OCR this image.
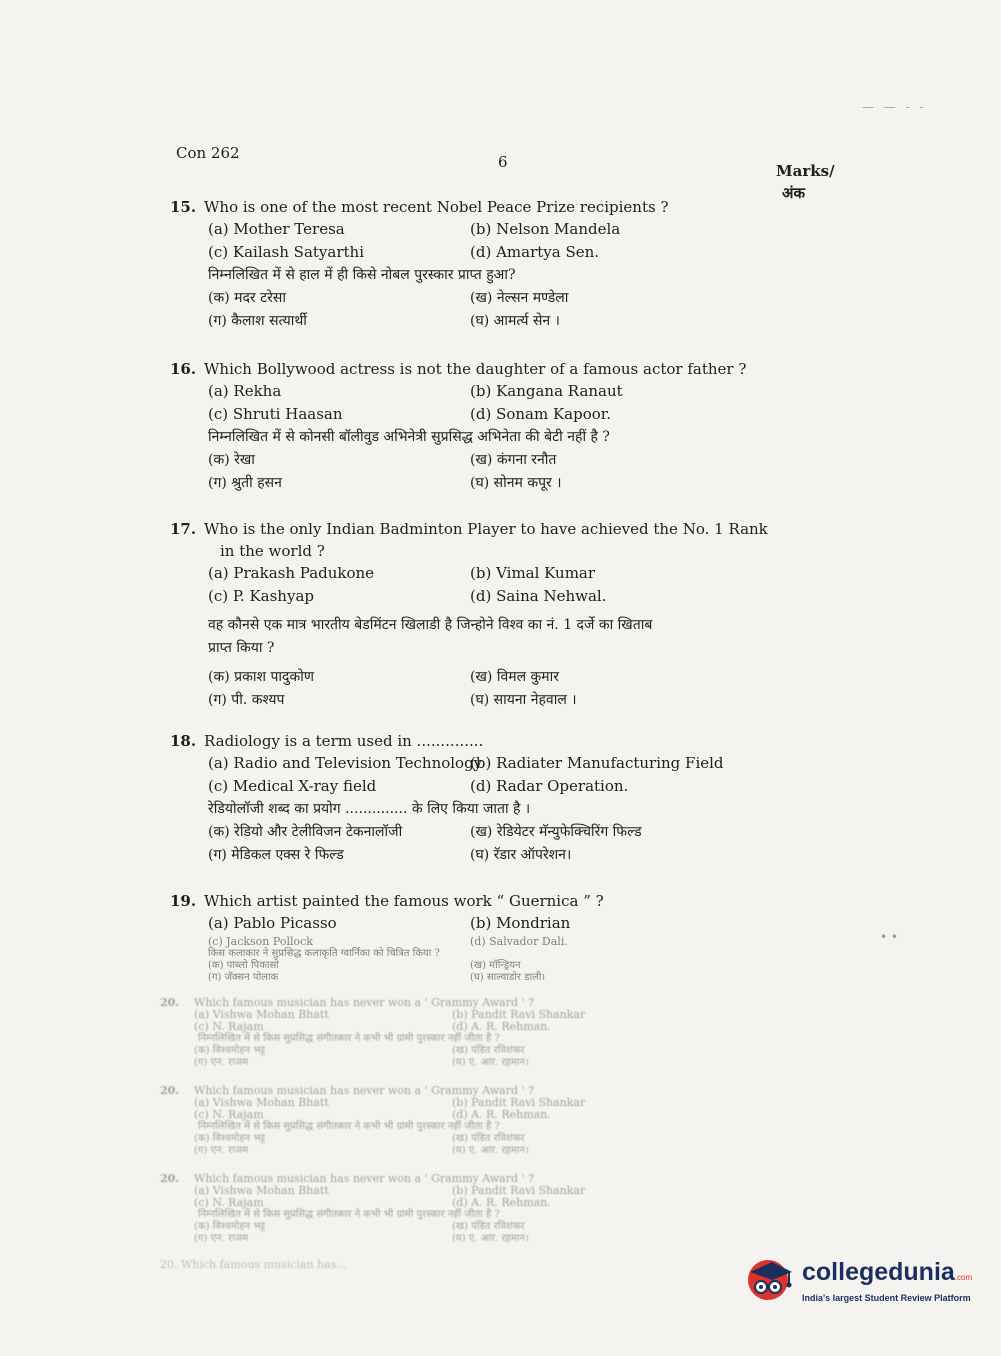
Con 262	6	Marks/
अंक
15. Who is one of the most recent Nobel Peace Prize recipients ?
(a) Mother Teresa	(b) Nelson Mandela
(c) Kailash Satyarthi	(d) Amartya Sen.
निम्नलिखित में से हाल में ही किसे नोबल पुरस्कार प्राप्त हुआ?
(क) मदर टरेसा	(ख) नेल्सन मण्डेला
(ग) कैलाश सत्यार्थी	(घ) आमर्त्य सेन ।
16. Which Bollywood actress is not the daughter of a famous actor father ?
(a) Rekha	(b) Kangana Ranaut
(c) Shruti Haasan	(d) Sonam Kapoor.
निम्नलिखित में से कोनसी बॉलीवुड अभिनेत्री सुप्रसिद्ध अभिनेता की बेटी नहीं है ?
(क) रेखा	(ख) कंगना रनौत
(ग) श्रुती हसन	(घ) सोनम कपूर ।
17. Who is the only Indian Badminton Player to have achieved the No. 1 Rank
in the world ?
(a) Prakash Padukone	(b) Vimal Kumar
(c) P. Kashyap	(d) Saina Nehwal.
वह कौनसे एक मात्र भारतीय बेडमिंटन खिलाडी है जिन्होने विश्व का नं. 1 दर्जे का खिताब
प्राप्त किया ?
(क) प्रकाश पादुकोण	(ख) विमल कुमार
(ग) पी. कश्यप	(घ) सायना नेहवाल ।
18. Radiology is a term used in ..............
(a) Radio and Television Technology
(b) Radiater Manufacturing Field
(c) Medical X-ray field	(d) Radar Operation.
रेडियोलॉजी शब्द का प्रयोग .............. के लिए किया जाता है ।
(क) रेडियो और टेलीविजन टेकनालॉजी	(ख) रेडियेटर मॅन्युफेक्चिरिंग फिल्ड
(ग) मेडिकल एक्स रे फिल्ड	(घ) रॅडार ऑपरेशन।
19. Which artist painted the famous work “ Guernica ” ?
(a) Pablo Picasso	(b) Mondrian
(c) Jackson Pollock	(d) Salvador Dali.
किस कलाकार ने सुप्रसिद्ध कलाकृति ग्वार्निका को चित्रित किया ?
(क) पाब्लो पिकासो	(ख) मॉन्ड्रियन
(ग) जॅक्सन पोलाक	(घ) साल्वाडोर डाली।
20.	Which famous musician has never won a ' Grammy Award ' ?
(a) Vishwa Mohan Bhatt	(b) Pandit Ravi Shankar
(c) N. Rajam	(d) A. R. Rehman.
निम्नलिखित में से किस सुप्रसिद्ध संगीतकार ने कभी भी ग्रामी पुरस्कार नहीं जीता है ?
(क) विश्वमोहन भट्ट	(ख) पंडित रविशंकर
(ग) एन. राजम	(घ) ए. आर. रहमान।
20.	Which famous musician has never won a ' Grammy Award ' ?
(a) Vishwa Mohan Bhatt	(b) Pandit Ravi Shankar
(c) N. Rajam	(d) A. R. Rehman.
निम्नलिखित में से किस सुप्रसिद्ध संगीतकार ने कभी भी ग्रामी पुरस्कार नहीं जीता है ?
(क) विश्वमोहन भट्ट	(ख) पंडित रविशंकर
(ग) एन. राजम	(घ) ए. आर. रहमान।
20.	Which famous musician has never won a ' Grammy Award ' ?
(a) Vishwa Mohan Bhatt	(b) Pandit Ravi Shankar
(c) N. Rajam	(d) A. R. Rehman.
निम्नलिखित में से किस सुप्रसिद्ध संगीतकार ने कभी भी ग्रामी पुरस्कार नहीं जीता है ?
(क) विश्वमोहन भट्ट	(ख) पंडित रविशंकर
(ग) एन. राजम	(घ) ए. आर. रहमान।
20. Which famous musician has...
— — - -
• •
collegedunia.com
India's largest Student Review Platform
